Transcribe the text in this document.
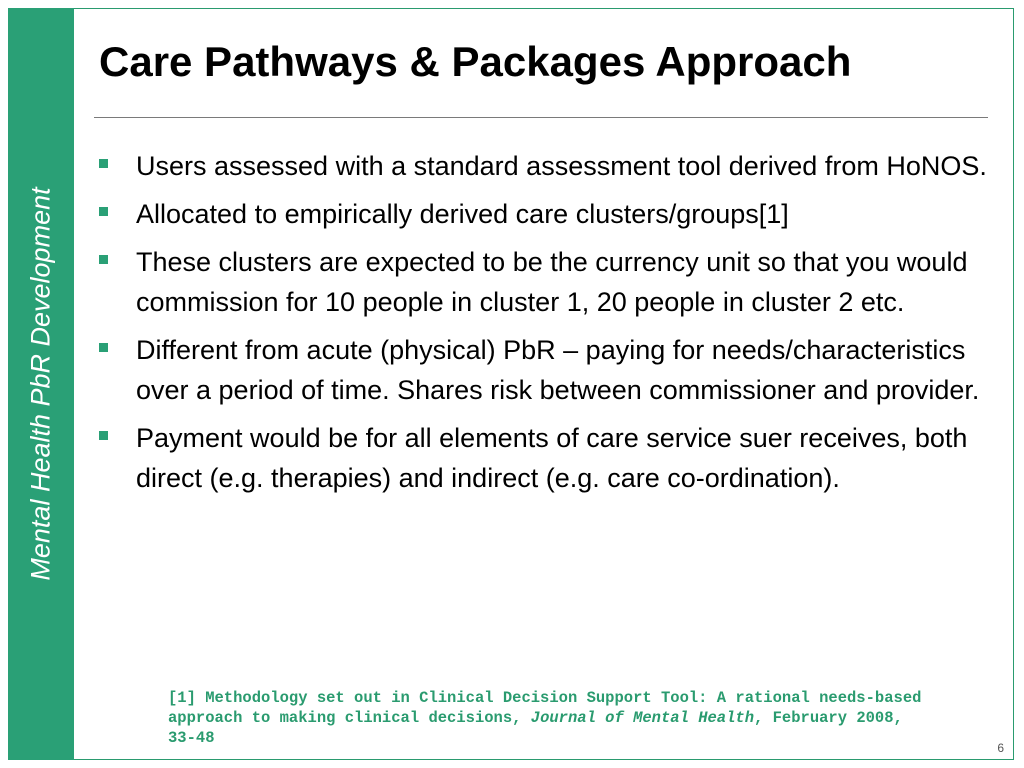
Mental Health PbR Development
Care Pathways & Packages Approach
Users assessed with a standard assessment tool derived from HoNOS.
Allocated to empirically derived care clusters/groups[1]
These clusters are expected to be the currency unit so that you would commission for 10 people in cluster 1, 20 people in cluster 2 etc.
Different from acute (physical) PbR – paying for needs/characteristics over a period of time. Shares risk between commissioner and provider.
Payment would be for all elements of care service suer receives, both direct (e.g. therapies) and indirect (e.g. care co-ordination).
[1] Methodology set out in Clinical Decision Support Tool: A rational needs-based approach to making clinical decisions, Journal of Mental Health, February 2008, 33-48
6
